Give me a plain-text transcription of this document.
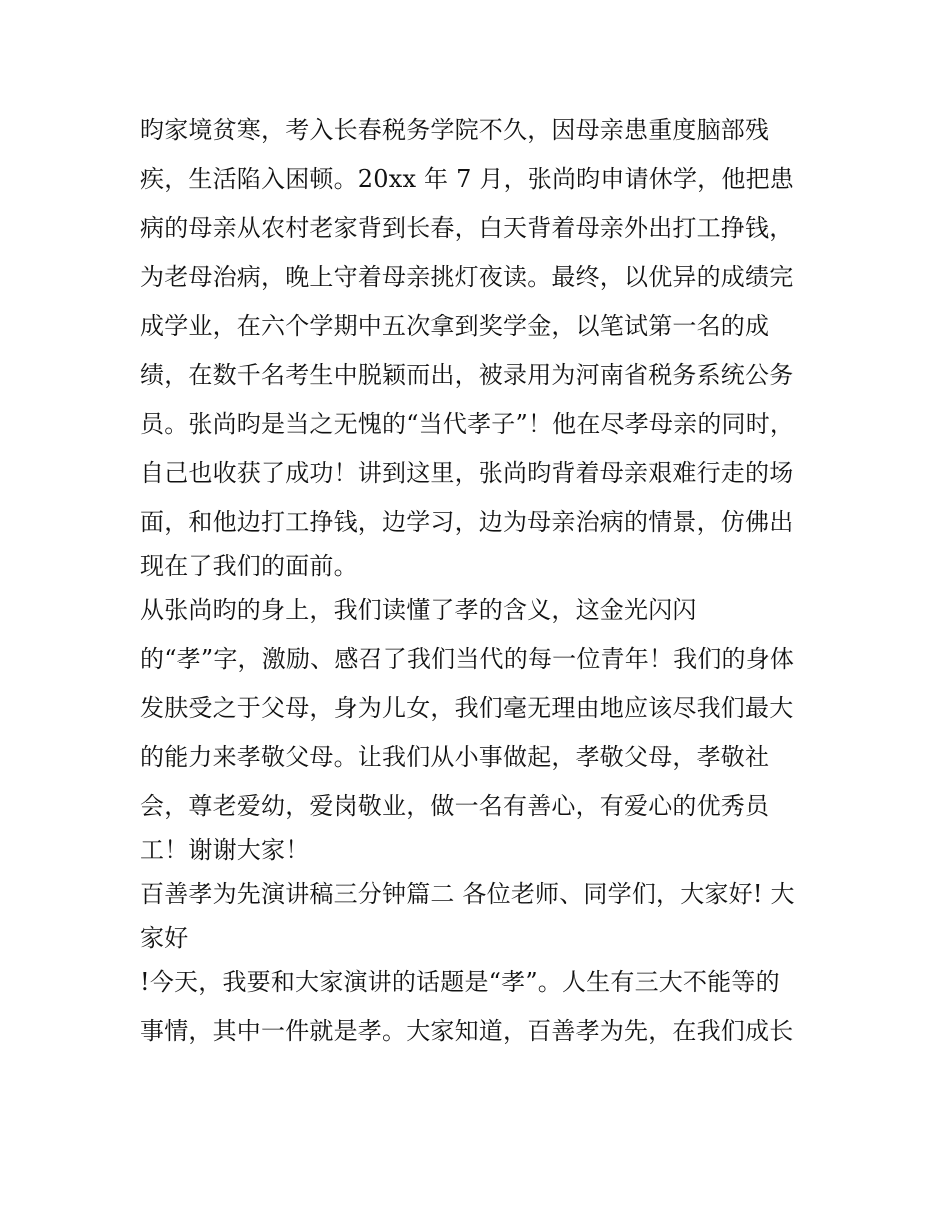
昀家境贫寒，考入长春税务学院不久，因母亲患重度脑部残
疾，生活陷入困顿。20xx 年 7 月，张尚昀申请休学，他把患
病的母亲从农村老家背到长春，白天背着母亲外出打工挣钱，
为老母治病，晚上守着母亲挑灯夜读。最终，以优异的成绩完
成学业，在六个学期中五次拿到奖学金，以笔试第一名的成
绩，在数千名考生中脱颖而出，被录用为河南省税务系统公务
员。张尚昀是当之无愧的“当代孝子”！他在尽孝母亲的同时，
自己也收获了成功！讲到这里，张尚昀背着母亲艰难行走的场
面，和他边打工挣钱，边学习，边为母亲治病的情景，仿佛出
现在了我们的面前。
从张尚昀的身上，我们读懂了孝的含义，这金光闪闪
的“孝”字，激励、感召了我们当代的每一位青年！我们的身体
发肤受之于父母，身为儿女，我们毫无理由地应该尽我们最大
的能力来孝敬父母。让我们从小事做起，孝敬父母，孝敬社
会，尊老爱幼，爱岗敬业，做一名有善心，有爱心的优秀员
工！谢谢大家！
百善孝为先演讲稿三分钟篇二 各位老师、同学们，大家好! 大
家好
!今天，我要和大家演讲的话题是“孝”。人生有三大不能等的
事情，其中一件就是孝。大家知道，百善孝为先，在我们成长
